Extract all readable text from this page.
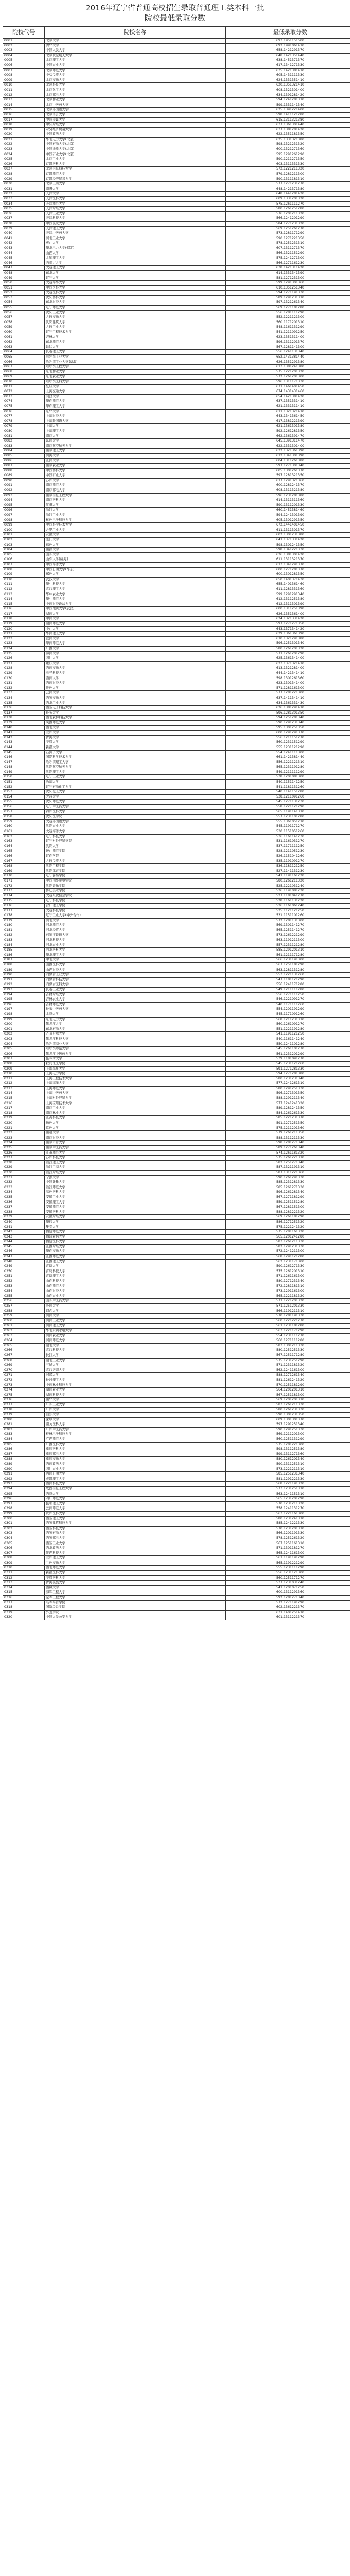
2016年辽宁省普通高校招生录取普通理工类本科一批
院校最低录取分数
院校代号	院校名称	最低录取分数
0001	北京大学	693.1951151500
0002	清华大学	692.1991061410
0003	中国人民大学	658.1421291370
0004	北京航空航天大学	648.1421351440
0005	北京理工大学	638.1451371370
0006	中国农业大学	617.1341271330
0007	北京师范大学	635.1421381410
0008	中央民族大学	605.1431111330
0009	北京交通大学	624.1331351410
0010	北京科技大学	620.1351321410
0011	北京化工大学	608.1321301400
0012	北京邮电大学	634.1391281420
0013	北京林业大学	594.1241281310
0014	北京中医药大学	599.1331141340
0015	北京外国语大学	625.1391221400
0016	北京语言大学	598.1411121280
0017	中国传媒大学	615.1311321380
0018	中央财经大学	637.1361301440
0019	对外经济贸易大学	637.1381281420
0020	中国政法大学	622.1351181350
0021	华北电力大学(北京)	625.1331321380
0022	中国石油大学(北京)	598.1321231320
0023	中国地质大学(北京)	600.1321271360
0024	中国矿业大学(北京)	595.1291261290
0025	北京工业大学	590.1211271350
0026	首都医科大学	603.1311331330
0027	北京信息科技大学	572.1221211320
0028	首都师范大学	579.1281211300
0029	首都经济贸易大学	590.1311181310
0030	北京工商大学	577.1271231270
0031	南开大学	648.1421371380
0032	天津大学	648.1441281420
0033	天津医科大学	609.1331201320
0034	天津师范大学	575.1261111270
0035	天津财经大学	580.1261251280
0036	天津工业大学	576.1201211320
0037	天津科技大学	566.1241201290
0038	中国民航大学	584.1271231320
0039	天津理工大学	569.1251261270
0040	天津中医药大学	573.1281171290
0041	河北工业大学	590.1271221350
0042	燕山大学	578.1251231310
0043	华北电力大学(保定)	607.1311271370
0044	山西大学	566.1321151290
0045	太原理工大学	575.1241271300
0046	内蒙古大学	566.1271161230
0047	大连理工大学	638.1421311420
0048	东北大学	614.1331341390
0049	辽宁大学	581.1271231300
0050	大连海事大学	599.1291301360
0051	中国医科大学	610.1351251340
0052	大连医科大学	594.1271191330
0053	沈阳药科大学	589.1291231310
0054	东北财经大学	597.1321261340
0055	辽宁师范大学	569.1271181280
0056	沈阳工业大学	556.1281111290
0057	大连交通大学	552.1221121300
0058	沈阳建筑大学	560.1171201310
0059	大连工业大学	548.1161131290
0060	辽宁工程技术大学	541.1211091250
0061	吉林大学	623.1351311400
0062	东北师范大学	596.1311201370
0063	延边大学	567.1281141300
0064	长春理工大学	556.1241131340
0065	哈尔滨工业大学	652.1431381440
0066	哈尔滨工业大学(威海)	626.1351291380
0067	哈尔滨工程大学	613.1381241380
0068	东北林业大学	575.1221201320
0069	东北农业大学	572.1261201300
0070	哈尔滨医科大学	596.1311171330
0071	复旦大学	671.1461401450
0072	上海交通大学	674.1431431460
0073	同济大学	654.1421381420
0074	华东师范大学	637.1351331410
0075	华东理工大学	621.1331311410
0076	东华大学	611.1321321410
0077	上海财经大学	643.1341361450
0078	上海外国语大学	617.1381221390
0079	上海大学	621.1361301380
0080	上海理工大学	592.1261281350
0081	南京大学	662.1361391470
0082	东南大学	645.1391311470
0083	南京航空航天大学	622.1331301400
0084	南京理工大学	622.1321361390
0085	河海大学	612.1341301390
0086	江南大学	604.1311261380
0087	南京农业大学	597.1271301340
0088	中国药科大学	605.1301261370
0089	中国矿业大学	597.1281321350
0090	苏州大学	617.1291321360
0091	南京师范大学	600.1281241370
0092	南京邮电大学	608.1311321380
0093	南京信息工程大学	596.1231281380
0094	南京医科大学	614.1311311360
0095	江苏大学	590.1311201330
0096	浙江大学	660.1451381460
0097	浙江工业大学	594.1241301390
0098	杭州电子科技大学	605.1301291350
0099	中国科学技术大学	672.1441401450
0100	合肥工业大学	611.1311301370
0101	安徽大学	602.1301231380
0102	厦门大学	641.1371331420
0103	福州大学	598.1301241350
0104	南昌大学	598.1341221330
0105	山东大学	626.1381301420
0106	山东大学(威海)	611.1311321370
0107	中国海洋大学	613.1341291370
0108	中国石油大学(华东)	600.1271281370
0109	郑州大学	600.1301281350
0110	武汉大学	650.1401371430
0111	华中科技大学	655.1401361460
0112	武汉理工大学	611.1281331360
0113	华中农业大学	599.1291291340
0114	华中师范大学	612.1311251380
0115	中南财经政法大学	612.1311301390
0116	中国地质大学(武汉)	600.1311251390
0117	湖南大学	626.1351361400
0118	中南大学	624.1321331420
0119	湖南师范大学	597.1271271350
0120	中山大学	643.1371341420
0121	华南理工大学	629.1361361390
0122	暨南大学	610.1321291380
0123	华南师范大学	596.1251301340
0124	广西大学	580.1261201320
0125	海南大学	571.1261201290
0126	四川大学	625.1361341400
0127	重庆大学	623.1371321410
0128	西南交通大学	613.1321281400
0129	电子科技大学	644.1421341410
0130	西南大学	598.1301261360
0131	西南财经大学	623.1301341400
0132	贵州大学	571.1281161300
0133	云南大学	577.1281221300
0134	西安交通大学	637.1411341410
0135	西北工业大学	634.1361331430
0136	西安电子科技大学	626.1381291410
0137	长安大学	596.1281301350
0138	西北农林科技大学	594.1251281340
0139	陕西师范大学	590.1291231340
0140	西北大学	595.1301251350
0141	兰州大学	600.1291291370
0142	青海大学	556.1211151270
0143	宁夏大学	560.1231151290
0144	新疆大学	555.1231121290
0145	石河子大学	554.1241111300
0146	国防科学技术大学	661.1421381440
0147	哈尔滨理工大学	556.1221121310
0148	沈阳航空航天大学	565.1231191280
0149	沈阳理工大学	549.1211111290
0150	辽宁工业大学	538.1201081300
0151	渤海大学	540.1151141250
0152	辽宁石油化工大学	541.1181131260
0153	沈阳化工大学	540.1141151280
0154	大连大学	538.1211091260
0155	沈阳师范大学	545.1271131230
0156	辽宁中医药大学	558.1221121290
0157	锦州医科大学	565.1191141310
0158	沈阳医学院	557.1231101280
0159	大连外国语大学	555.1361051210
0160	沈阳农业大学	545.1191171270
0161	大连海洋大学	530.1151051260
0162	辽宁科技大学	536.1161141230
0163	辽宁对外经贸学院	531.1161031270
0164	沈阳大学	537.1171111250
0165	鞍山师范学院	528.1211051230
0166	辽东学院	526.1151041260
0167	大连民族大学	535.1191091270
0168	沈阳工程学院	536.1181121250
0169	沈阳体育学院	527.1141131230
0170	辽宁警察学院	541.1191161220
0171	中国刑事警察学院	580.1261211320
0172	沈阳音乐学院	525.1221031240
0173	鲁迅美术学院	526.1191081220
0174	大连东软信息学院	527.1181041270
0175	辽宁科技学院	528.1161131220
0176	营口理工学院	526.1161061240
0177	大连科技学院	525.1121121250
0178	辽宁工业大学(中外合作)	531.1151101260
0179	河北大学	572.1281131300
0180	河北师范大学	569.1301141270
0181	河北经贸大学	565.1251141270
0182	石家庄铁道大学	573.1261221290
0183	河北科技大学	563.1191211300
0184	河北农业大学	557.1231121280
0185	河北医科大学	585.1291201310
0186	华北理工大学	561.1211171280
0187	中北大学	566.1231191300
0188	山西医科大学	567.1251181290
0189	山西财经大学	563.1281131280
0190	内蒙古工业大学	553.1221131260
0191	内蒙古科技大学	547.1181121290
0192	内蒙古医科大学	556.1241171280
0193	长春工业大学	549.1211111280
0194	吉林财经大学	556.1271111250
0195	吉林农业大学	546.1221091270
0196	吉林师范大学	540.1171111260
0197	长春中医药大学	554.1201191290
0198	北华大学	545.1171091260
0199	东北电力大学	568.1211231310
0200	黑龙江大学	560.1261091270
0201	东北石油大学	551.1221191280
0202	齐齐哈尔大学	541.1191121250
0203	黑龙江科技大学	540.1161141240
0204	哈尔滨商业大学	550.1241101280
0205	哈尔滨师范大学	545.1261101270
0206	黑龙江中医药大学	561.1231201290
0207	佳木斯大学	539.1181091270
0208	牡丹江医学院	545.1231121260
0209	上海海事大学	591.1271281330
0210	上海电力学院	594.1271281380
0211	上海工程技术大学	580.1231231340
0212	上海海洋大学	577.1241261310
0213	上海师范大学	580.1291251330
0214	上海中医药大学	596.1271301350
0215	上海对外经贸大学	588.1291211340
0216	上海应用技术大学	577.1241241320
0217	南京工业大学	589.1281241350
0218	南京林业大学	584.1261261330
0219	江苏科技大学	585.1221231370
0220	扬州大学	591.1271251350
0221	常州大学	575.1211201360
0222	南通大学	579.1261211350
0223	南京财经大学	588.1311211330
0224	南京审计大学	598.1281271340
0225	南京中医药大学	589.1271261340
0226	江苏师范大学	574.1261181320
0227	苏州科技大学	575.1261221310
0228	浙江理工大学	582.1251271340
0229	浙江工商大学	587.1321191310
0230	浙江财经大学	587.1311221360
0231	宁波大学	590.1261291330
0232	中国计量大学	585.1231281330
0233	浙江师范大学	585.1261271330
0234	温州医科大学	596.1261281340
0235	安徽工业大学	567.1271181290
0236	安徽理工大学	559.1251151280
0237	安徽师范大学	567.1281151300
0238	安徽医科大学	588.1281221320
0239	安徽财经大学	569.1261181290
0240	华侨大学	586.1271251320
0241	集美大学	575.1221241320
0242	福建师范大学	575.1281161320
0243	福建农林大学	565.1201241280
0244	福建医科大学	583.1261211330
0245	江西财经大学	582.1291231330
0246	华东交通大学	572.1241211300
0247	江西师范大学	568.1291121280
0248	江西理工大学	562.1231171300
0249	青岛大学	590.1261271330
0250	青岛科技大学	575.1261201310
0251	青岛理工大学	571.1261161300
0252	山东科技大学	580.1271231340
0253	山东师范大学	572.1281181310
0254	山东财经大学	573.1291161300
0255	山东农业大学	565.1221181320
0256	山东中医药大学	571.1221201320
0257	济南大学	571.1251201330
0258	烟台大学	566.1191211310
0259	河南大学	570.1281191330
0260	河南工业大学	560.1221221270
0261	河南理工大学	561.1231181280
0262	华北水利水电大学	563.1221171290
0263	河南农业大学	554.1231111270
0264	河南师范大学	560.1271111280
0265	湖北大学	583.1301211330
0266	武汉科技大学	580.1251251330
0267	长江大学	567.1251171280
0268	湖北工业大学	575.1231251290
0269	三峡大学	571.1231181320
0270	武汉纺织大学	562.1241161300
0271	湘潭大学	588.1271261340
0272	长沙理工大学	581.1261241320
0273	中南林业科技大学	570.1251181290
0274	湖南农业大学	564.1201201310
0275	湖南科技大学	567.1251181300
0276	南华大学	569.1201201310
0277	广东工业大学	583.1261211330
0278	广州大学	580.1261231330
0279	汕头大学	590.1301231350
0280	深圳大学	609.1301301370
0281	南方医科大学	597.1291251340
0282	广州中医药大学	590.1291251330
0283	桂林电子科技大学	569.1211201300
0284	广西师范大学	560.1251131290
0285	广西医科大学	575.1281221300
0286	重庆医科大学	598.1311251380
0287	重庆邮电大学	599.1311271360
0288	重庆交通大学	580.1261201340
0289	西南政法大学	590.1311251310
0290	四川农业大学	573.1221211310
0291	西南石油大学	585.1251231340
0292	成都理工大学	581.1291221330
0293	西南科技大学	568.1221191320
0294	成都信息工程大学	573.1231251310
0295	西华大学	563.1241151310
0296	四川师范大学	565.1231201290
0297	昆明理工大学	570.1231211320
0298	云南师范大学	558.1241131270
0299	贵州医科大学	563.1221161300
0300	西安理工大学	580.1231241310
0301	西安建筑科技大学	585.1241221330
0302	西安科技大学	570.1231201310
0303	西安石油大学	566.1201191330
0304	西安邮电大学	578.1251261320
0305	西安工业大学	567.1251161310
0306	西北政法大学	571.1301181270
0307	陕西科技大学	565.1241161300
0308	兰州理工大学	561.1191191290
0309	兰州交通大学	565.1191221290
0310	西北师范大学	555.1231111290
0311	新疆医科大学	556.1231121300
0312	宁夏医科大学	560.1251171270
0313	青海民族大学	537.1231031240
0314	西藏大学	541.1201071250
0315	海军工程大学	600.1311291360
0316	空军工程大学	592.1281271340
0317	陆军军官学院	572.1271191290
0318	国际关系学院	602.1361221370
0319	外交学院	631.1401251410
0320	中国人民公安大学	601.1311221370
